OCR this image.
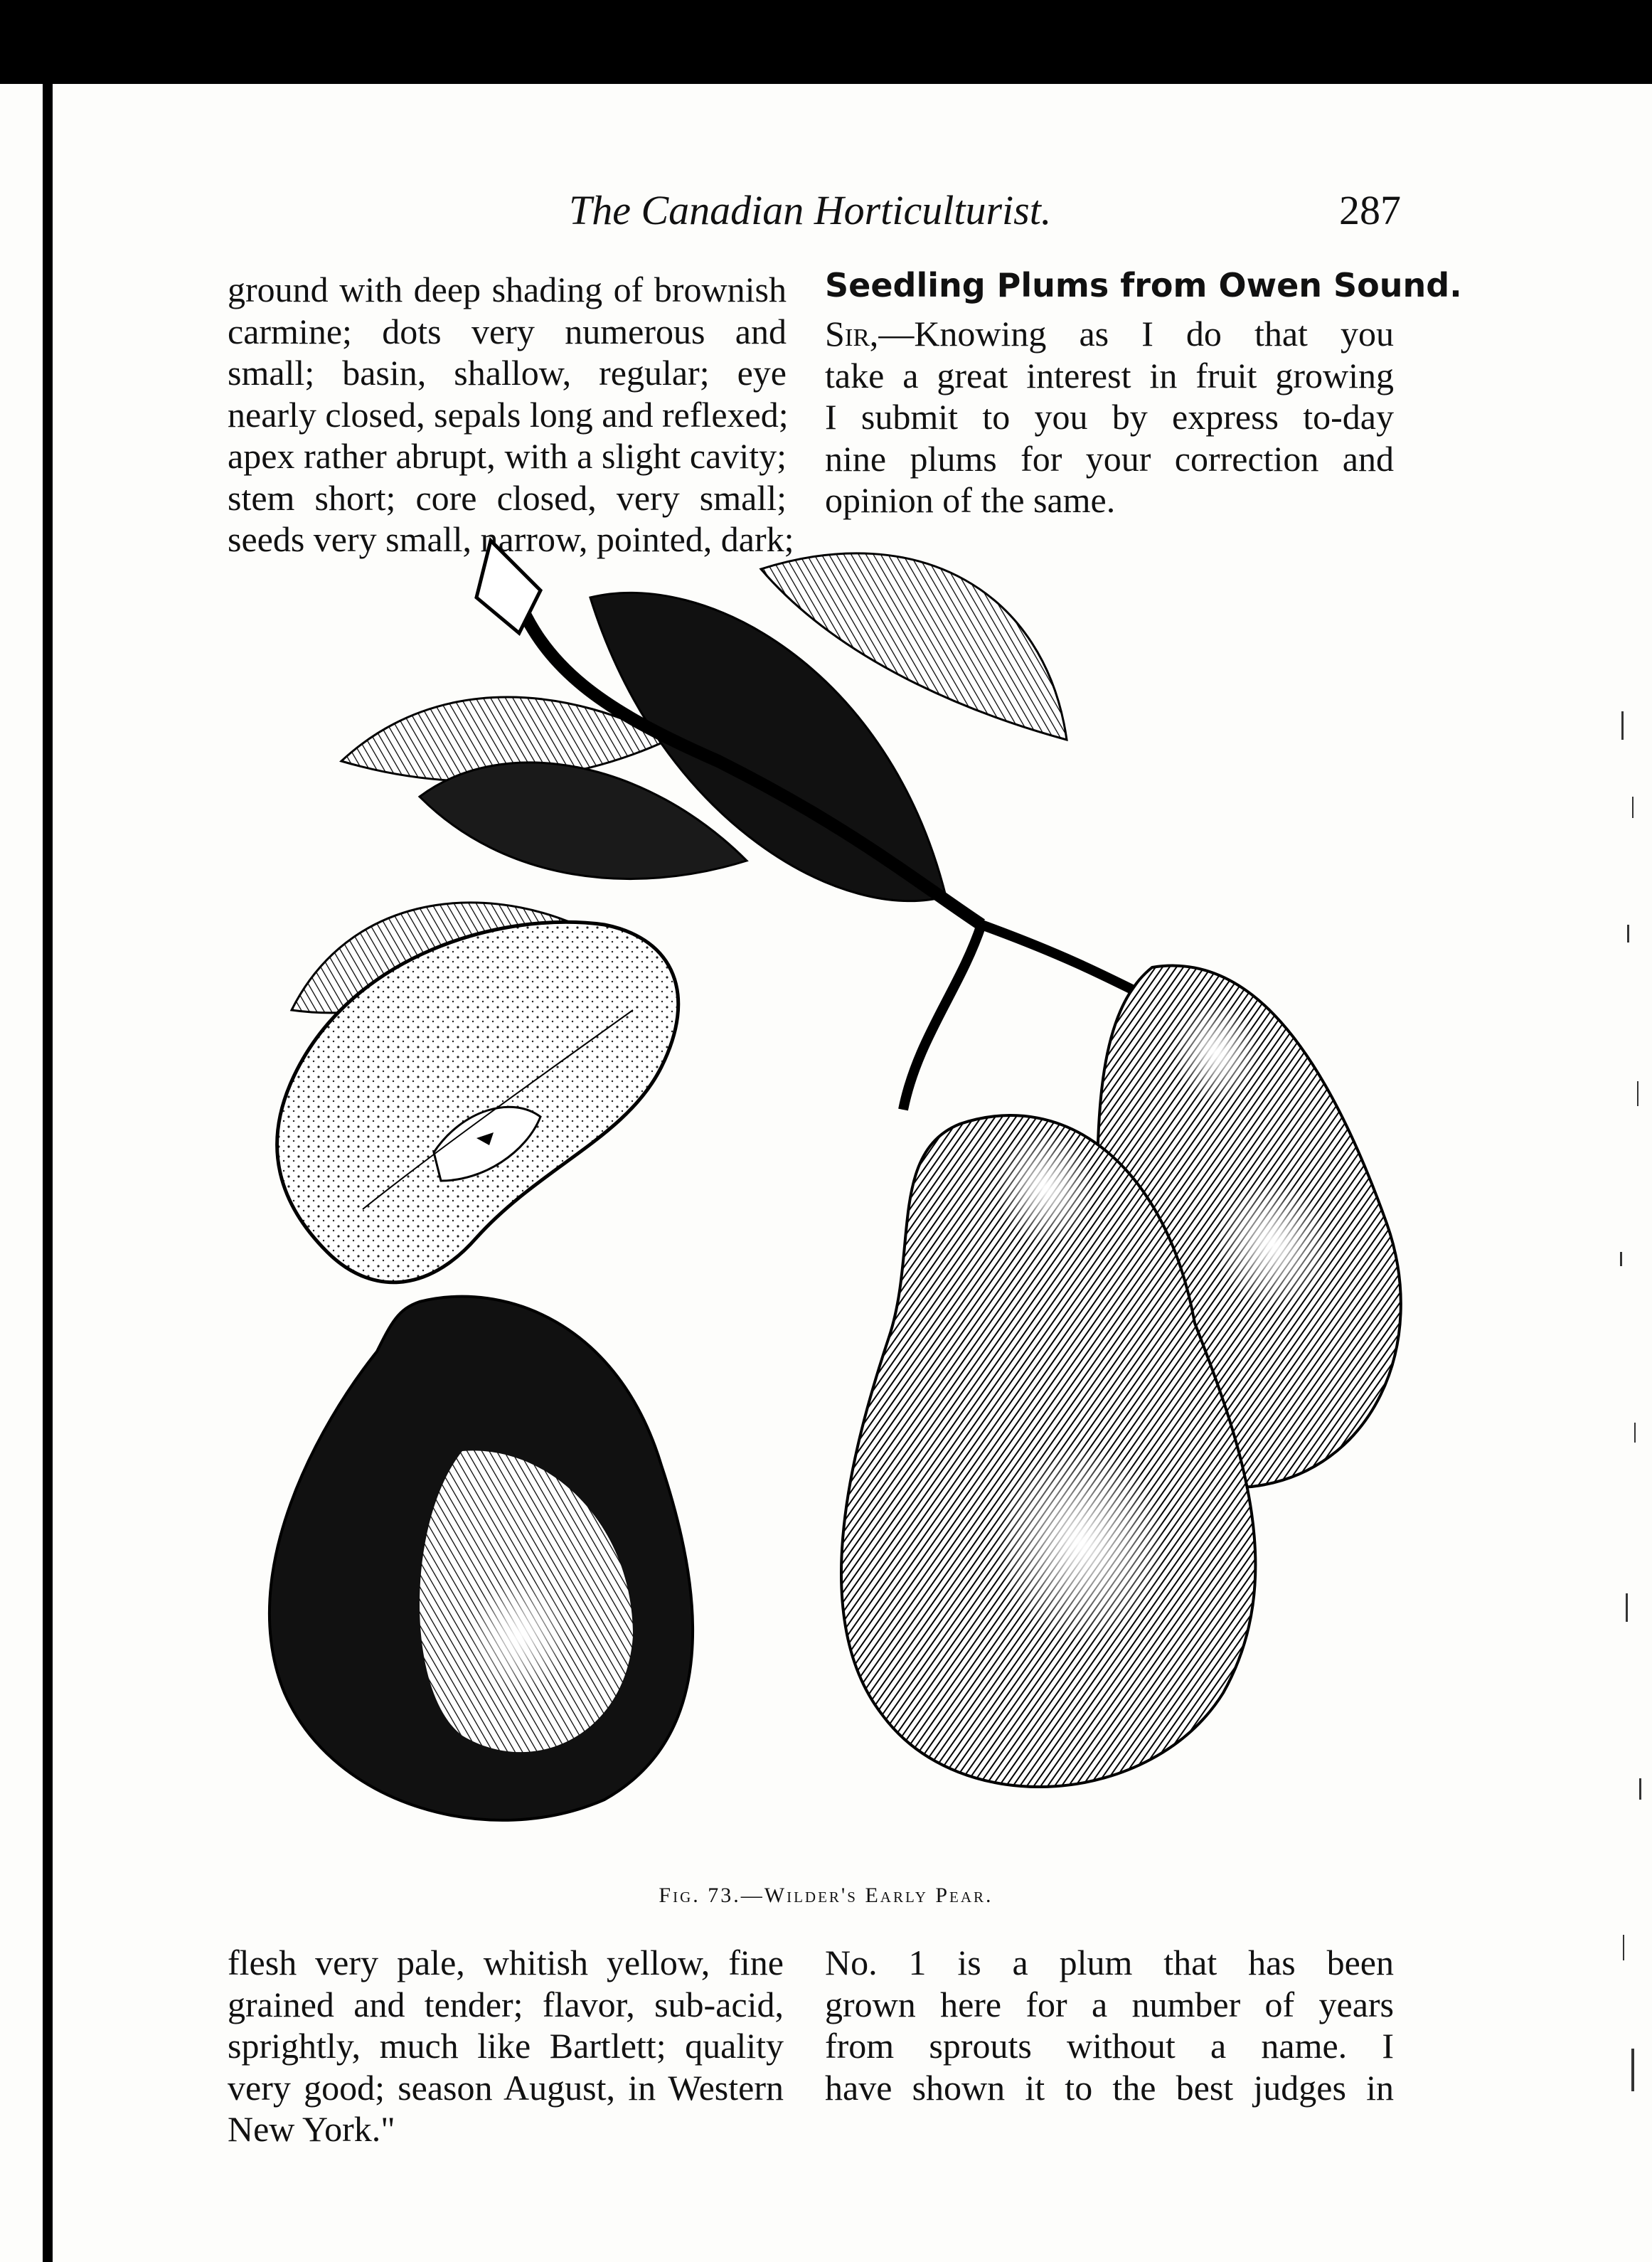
The Canadian Horticulturist.	287

ground with deep shading of brownish
carmine; dots very numerous and
small; basin, shallow, regular; eye
nearly closed, sepals long and reflexed;
apex rather abrupt, with a slight cavity;
stem short; core closed, very small;
seeds very small, narrow, pointed, dark;

Seedling Plums from Owen Sound.

Sir,—Knowing as I do that you
take a great interest in fruit growing
I submit to you by express to-day
nine plums for your correction and
opinion of the same.

Fig. 73.—Wilder's Early Pear.

flesh very pale, whitish yellow, fine
grained and tender; flavor, sub-acid,
sprightly, much like Bartlett; quality
very good; season August, in Western
New York."

No. 1 is a plum that has been
grown here for a number of years
from sprouts without a name. I
have shown it to the best judges in
